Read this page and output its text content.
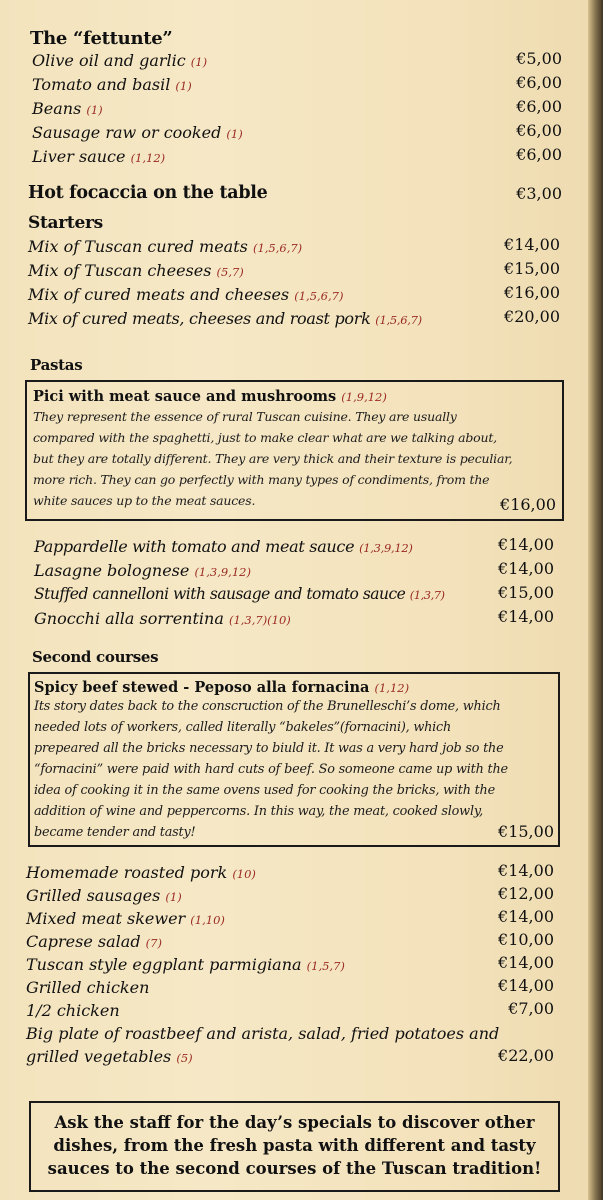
The “fettunte”
Olive oil and garlic (1)	€5,00
Tomato and basil (1)	€6,00
Beans (1)	€6,00
Sausage raw or cooked (1)	€6,00
Liver sauce (1,12)	€6,00
Hot focaccia on the table	€3,00
Starters
Mix of Tuscan cured meats (1,5,6,7)	€14,00
Mix of Tuscan cheeses (5,7)	€15,00
Mix of cured meats and cheeses (1,5,6,7)	€16,00
Mix of cured meats, cheeses and roast pork (1,5,6,7)	€20,00
Pastas
Pici with meat sauce and mushrooms (1,9,12)
They represent the essence of rural Tuscan cuisine. They are usually
compared with the spaghetti, just to make clear what are we talking about,
but they are totally different. They are very thick and their texture is peculiar,
more rich. They can go perfectly with many types of condiments, from the
white sauces up to the meat sauces.	€16,00
Pappardelle with tomato and meat sauce (1,3,9,12)	€14,00
Lasagne bolognese (1,3,9,12)	€14,00
Stuffed cannelloni with sausage and tomato sauce (1,3,7)	€15,00
Gnocchi alla sorrentina (1,3,7)(10)	€14,00
Second courses
Spicy beef stewed - Peposo alla fornacina (1,12)
Its story dates back to the conscruction of the Brunelleschi’s dome, which
needed lots of workers, called literally “bakeles”(fornacini), which
prepeared all the bricks necessary to biuld it. It was a very hard job so the
“fornacini” were paid with hard cuts of beef. So someone came up with the
idea of cooking it in the same ovens used for cooking the bricks, with the
addition of wine and peppercorns. In this way, the meat, cooked slowly,
became tender and tasty!	€15,00
Homemade roasted pork (10)	€14,00
Grilled sausages (1)	€12,00
Mixed meat skewer (1,10)	€14,00
Caprese salad (7)	€10,00
Tuscan style eggplant parmigiana (1,5,7)	€14,00
Grilled chicken	€14,00
1/2 chicken	€7,00
Big plate of roastbeef and arista, salad, fried potatoes and
grilled vegetables (5)	€22,00
Ask the staff for the day’s specials to discover other
dishes, from the fresh pasta with different and tasty
sauces to the second courses of the Tuscan tradition!
